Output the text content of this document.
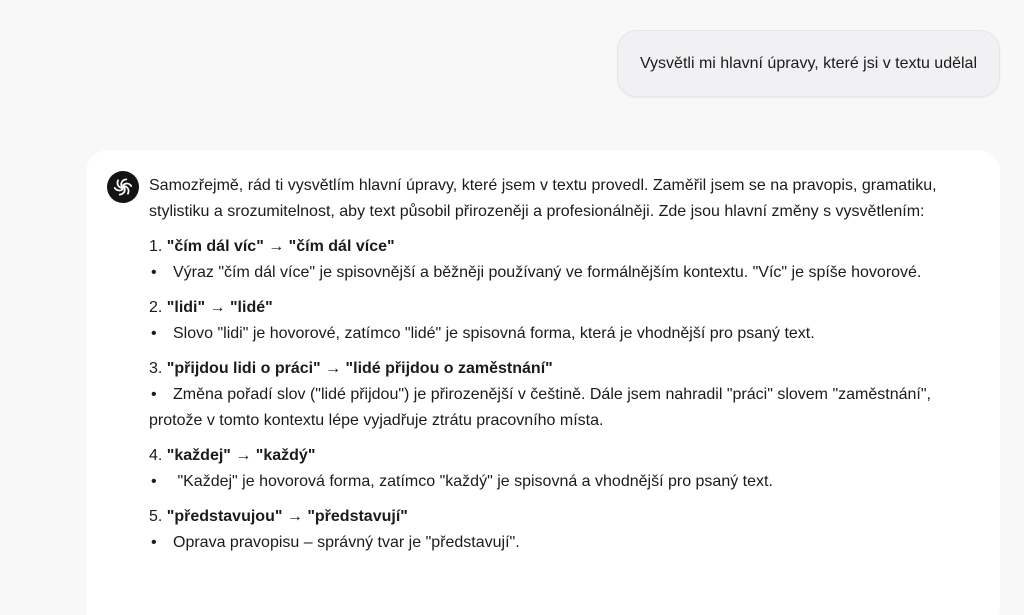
Vysvětli mi hlavní úpravy, které jsi v textu udělal

Samozřejmě, rád ti vysvětlím hlavní úpravy, které jsem v textu provedl. Zaměřil jsem se na pravopis, gramatiku, stylistiku a srozumitelnost, aby text působil přirozeněji a profesionálněji. Zde jsou hlavní změny s vysvětlením:

1. "čím dál víc" → "čím dál více"
• Výraz "čím dál více" je spisovnější a běžněji používaný ve formálnějším kontextu. "Víc" je spíše hovorové.
2. "lidi" → "lidé"
• Slovo "lidi" je hovorové, zatímco "lidé" je spisovná forma, která je vhodnější pro psaný text.
3. "přijdou lidi o práci" → "lidé přijdou o zaměstnání"
• Změna pořadí slov ("lidé přijdou") je přirozenější v češtině. Dále jsem nahradil "práci" slovem "zaměstnání", protože v tomto kontextu lépe vyjadřuje ztrátu pracovního místa.
4. "každej" → "každý"
• "Každej" je hovorová forma, zatímco "každý" je spisovná a vhodnější pro psaný text.
5. "představujou" → "představují"
• Oprava pravopisu – správný tvar je "představují".
